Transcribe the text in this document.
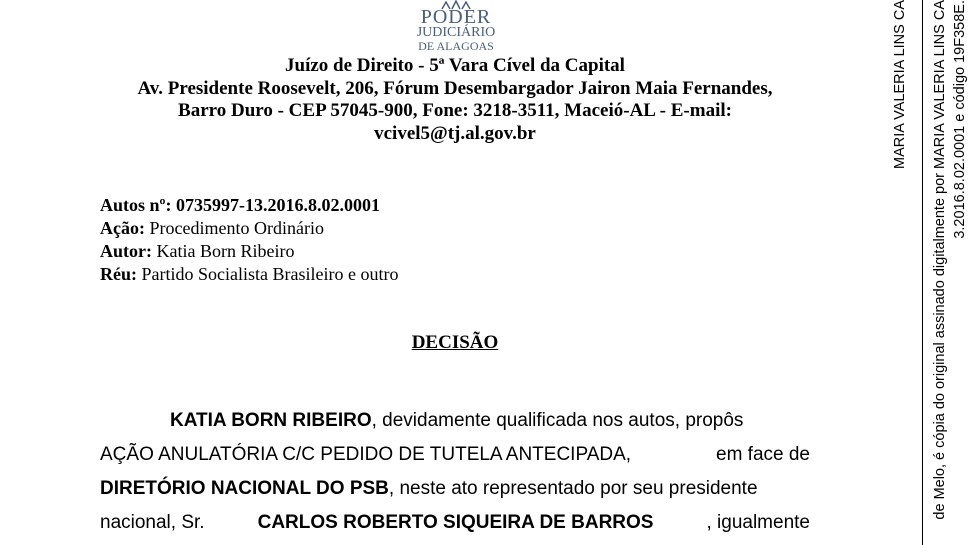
PODER
JUDICIÁRIO
DE ALAGOAS
Juízo de Direito - 5ª Vara Cível da Capital
Av. Presidente Roosevelt, 206, Fórum Desembargador Jairon Maia Fernandes,
Barro Duro - CEP 57045-900, Fone: 3218-3511, Maceió-AL - E-mail:
vcivel5@tj.al.gov.br
Autos nº: 0735997-13.2016.8.02.0001
Ação: Procedimento Ordinário
Autor: Katia Born Ribeiro
Réu: Partido Socialista Brasileiro e outro
DECISÃO
KATIA BORN RIBEIRO, devidamente qualificada nos autos, propôs
AÇÃO ANULATÓRIA C/C PEDIDO DE TUTELA ANTECIPADA,	em face de
DIRETÓRIO NACIONAL DO PSB, neste ato representado por seu presidente
nacional, Sr.	CARLOS ROBERTO SIQUEIRA DE BARROS	, igualmente
MARIA VALERIA LINS CA de Melo, é cópia do original assinado digitalmente por MARIA VALERIA LINS CA 3.2016.8.02.0001 e código 19F358E.
